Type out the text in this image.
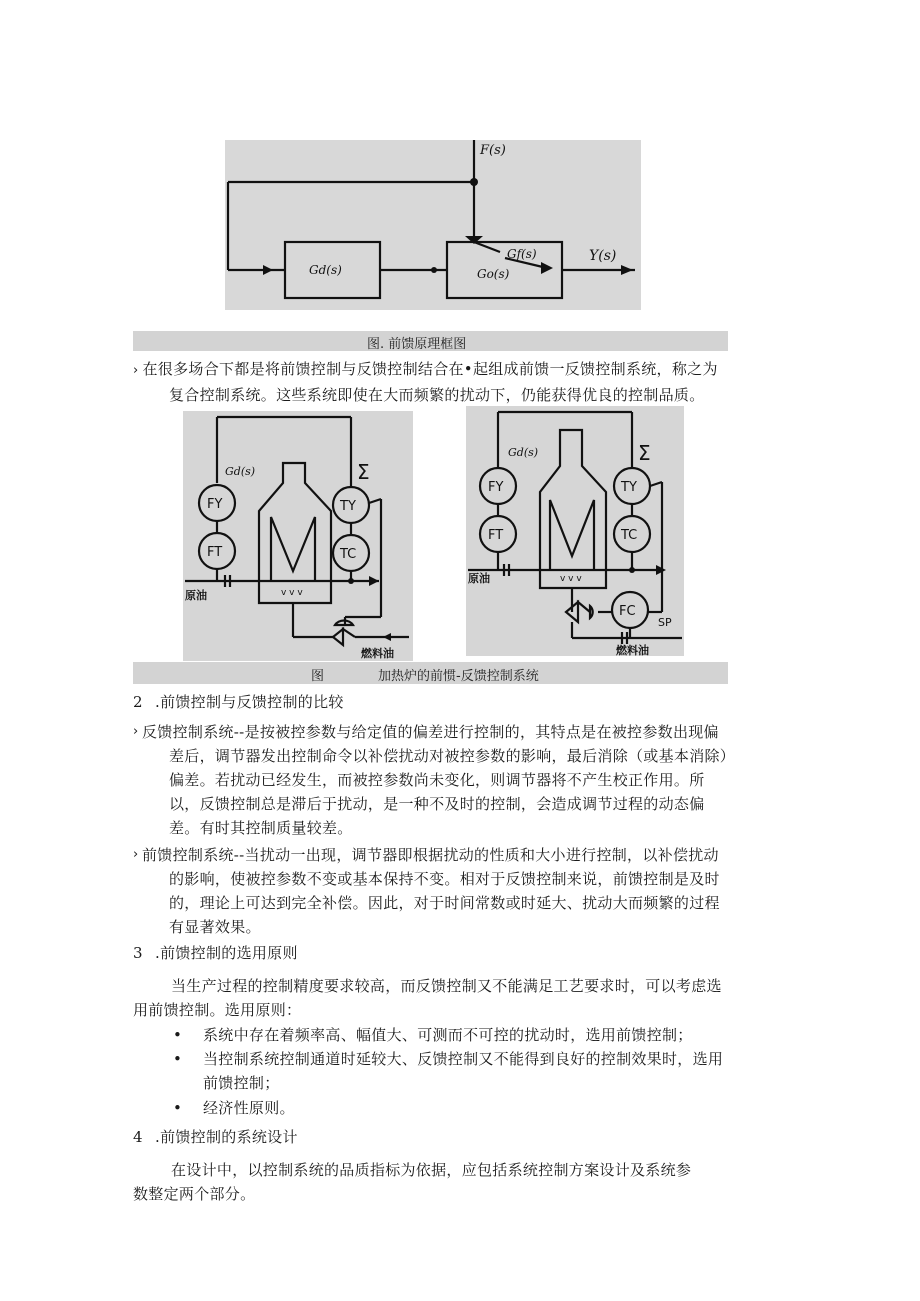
F(s)
Gf(s)
Gd(s)	Go(s)
Y(s)
图. 前馈原理框图
› 在很多场合下都是将前馈控制与反馈控制结合在•起组成前馈一反馈控制系统，称之为复合控制系统。这些系统即使在大而频繁的扰动下，仍能获得优良的控制品质。
v v v
Gd(s)	Σ
FY
FT
TY
TC
原油
燃料油
v v v
Gd(s)	Σ
FY
FT
TY
TC
FC
SP
原油
燃料油
图	加热炉的前惯-反馈控制系统
2 .前馈控制与反馈控制的比较
› 反馈控制系统--是按被控参数与给定值的偏差进行控制的，其特点是在被控参数出现偏差后，调节器发出控制命令以补偿扰动对被控参数的影响，最后消除（或基本消除）偏差。若扰动已经发生，而被控参数尚未变化，则调节器将不产生校正作用。所以，反馈控制总是滞后于扰动，是一种不及时的控制，会造成调节过程的动态偏差。有时其控制质量较差。
› 前馈控制系统--当扰动一出现，调节器即根据扰动的性质和大小进行控制，以补偿扰动的影响，使被控参数不变或基本保持不变。相对于反馈控制来说，前馈控制是及时的，理论上可达到完全补偿。因此，对于时间常数或时延大、扰动大而频繁的过程有显著效果。
3 .前馈控制的选用原则
当生产过程的控制精度要求较高，而反馈控制又不能满足工艺要求时，可以考虑选用前馈控制。选用原则：
• 系统中存在着频率高、幅值大、可测而不可控的扰动时，选用前馈控制；
• 当控制系统控制通道时延较大、反馈控制又不能得到良好的控制效果时，选用前馈控制；
• 经济性原则。
4 .前馈控制的系统设计
在设计中，以控制系统的品质指标为依据，应包括系统控制方案设计及系统参数整定两个部分。
